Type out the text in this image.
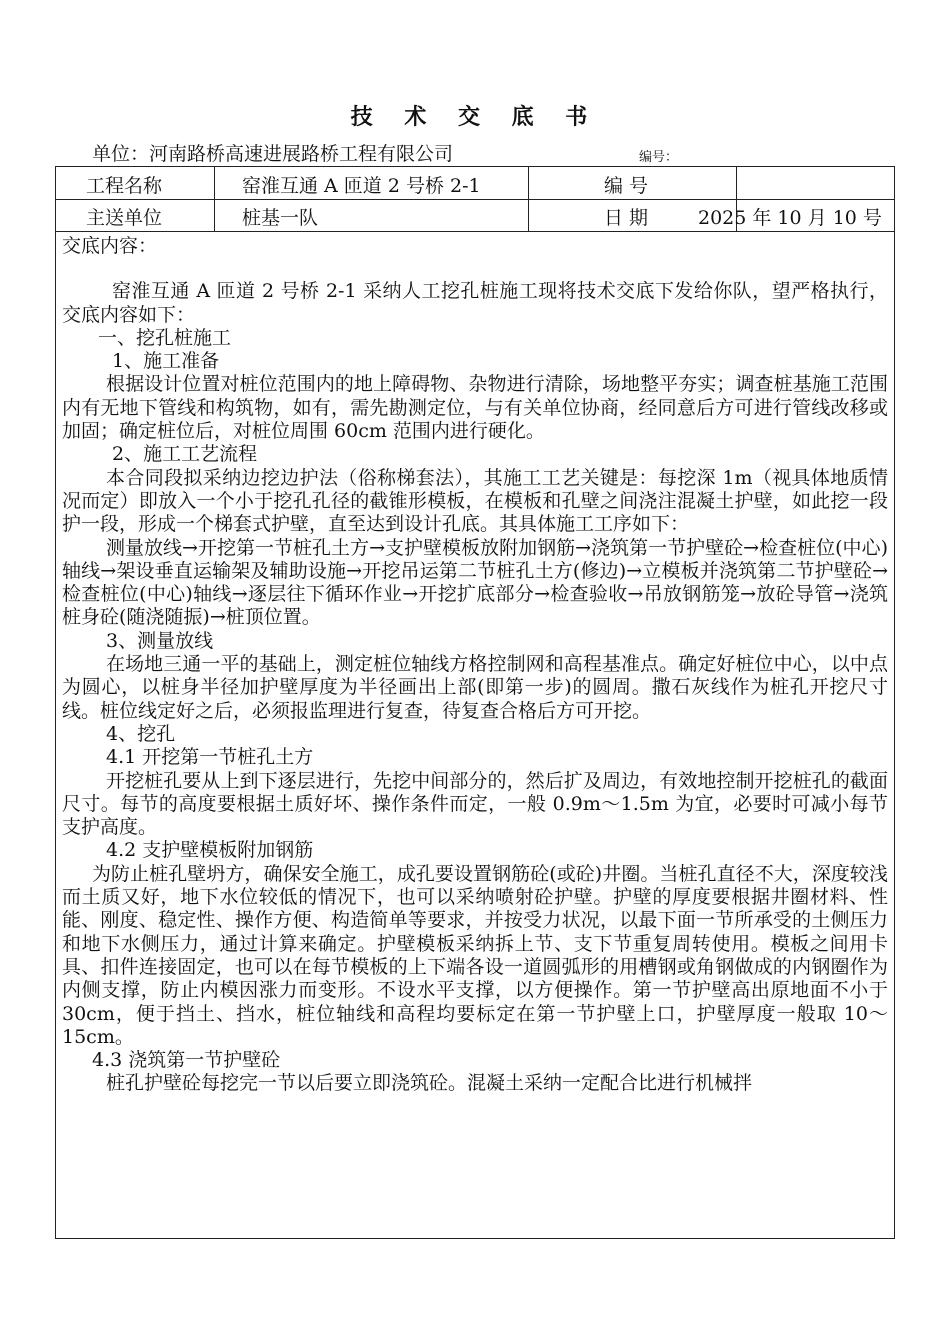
技 术 交 底 书
单位：河南路桥高速进展路桥工程有限公司	编号：
工程名称	窑淮互通 A 匝道 2 号桥 2-1	编 号
主送单位	桩基一队	日 期	2025 年 10 月 10 号

交底内容：

窑淮互通 A 匝道 2 号桥 2-1 采纳人工挖孔桩施工现将技术交底下发给你队，望严格执行，交底内容如下：

一、挖孔桩施工

1、施工准备

根据设计位置对桩位范围内的地上障碍物、杂物进行清除，场地整平夯实；调查桩基施工范围内有无地下管线和构筑物，如有，需先勘测定位，与有关单位协商，经同意后方可进行管线改移或加固；确定桩位后，对桩位周围 60cm 范围内进行硬化。

2、施工工艺流程

本合同段拟采纳边挖边护法（俗称梯套法），其施工工艺关键是：每挖深 1m（视具体地质情况而定）即放入一个小于挖孔孔径的截锥形模板，在模板和孔壁之间浇注混凝土护壁，如此挖一段护一段，形成一个梯套式护壁，直至达到设计孔底。其具体施工工序如下：

测量放线→开挖第一节桩孔土方→支护壁模板放附加钢筋→浇筑第一节护壁砼→检查桩位(中心)轴线→架设垂直运输架及辅助设施→开挖吊运第二节桩孔土方(修边)→立模板并浇筑第二节护壁砼→检查桩位(中心)轴线→逐层往下循环作业→开挖扩底部分→检查验收→吊放钢筋笼→放砼导管→浇筑桩身砼(随浇随振)→桩顶位置。

3、测量放线

在场地三通一平的基础上，测定桩位轴线方格控制网和高程基准点。确定好桩位中心，以中点为圆心，以桩身半径加护壁厚度为半径画出上部(即第一步)的圆周。撒石灰线作为桩孔开挖尺寸线。桩位线定好之后，必须报监理进行复查，待复查合格后方可开挖。

4、挖孔

4.1 开挖第一节桩孔土方

开挖桩孔要从上到下逐层进行，先挖中间部分的，然后扩及周边，有效地控制开挖桩孔的截面尺寸。每节的高度要根据土质好坏、操作条件而定，一般 0.9m～1.5m 为宜，必要时可减小每节支护高度。

4.2 支护壁模板附加钢筋

为防止桩孔壁坍方，确保安全施工，成孔要设置钢筋砼(或砼)井圈。当桩孔直径不大，深度较浅而土质又好，地下水位较低的情况下，也可以采纳喷射砼护壁。护壁的厚度要根据井圈材料、性能、刚度、稳定性、操作方便、构造简单等要求，并按受力状况，以最下面一节所承受的土侧压力和地下水侧压力，通过计算来确定。护壁模板采纳拆上节、支下节重复周转使用。模板之间用卡具、扣件连接固定，也可以在每节模板的上下端各设一道圆弧形的用槽钢或角钢做成的内钢圈作为内侧支撑，防止内模因涨力而变形。不设水平支撑，以方便操作。第一节护壁高出原地面不小于 30cm，便于挡土、挡水，桩位轴线和高程均要标定在第一节护壁上口，护壁厚度一般取 10～15cm。

4.3 浇筑第一节护壁砼

桩孔护壁砼每挖完一节以后要立即浇筑砼。混凝土采纳一定配合比进行机械拌
